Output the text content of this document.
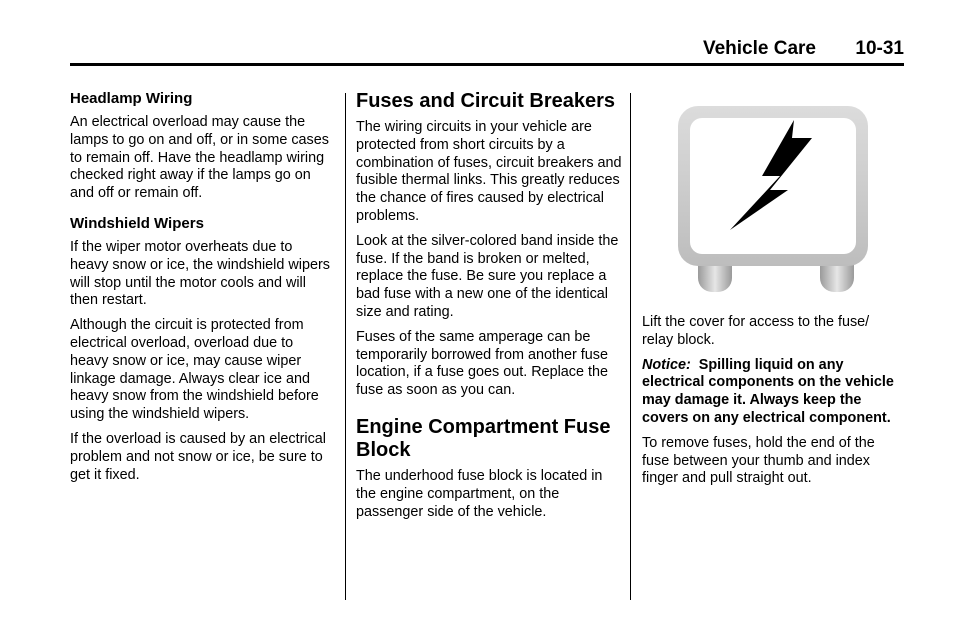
Vehicle Care 10-31
Headlamp Wiring

An electrical overload may cause the lamps to go on and off, or in some cases to remain off. Have the headlamp wiring checked right away if the lamps go on and off or remain off.

Windshield Wipers

If the wiper motor overheats due to heavy snow or ice, the windshield wipers will stop until the motor cools and will then restart.

Although the circuit is protected from electrical overload, overload due to heavy snow or ice, may cause wiper linkage damage. Always clear ice and heavy snow from the windshield before using the windshield wipers.

If the overload is caused by an electrical problem and not snow or ice, be sure to get it fixed.

Fuses and Circuit Breakers

The wiring circuits in your vehicle are protected from short circuits by a combination of fuses, circuit breakers and fusible thermal links. This greatly reduces the chance of fires caused by electrical problems.

Look at the silver-colored band inside the fuse. If the band is broken or melted, replace the fuse. Be sure you replace a bad fuse with a new one of the identical size and rating.

Fuses of the same amperage can be temporarily borrowed from another fuse location, if a fuse goes out. Replace the fuse as soon as you can.

Engine Compartment Fuse Block

The underhood fuse block is located in the engine compartment, on the passenger side of the vehicle.

Lift the cover for access to the fuse/ relay block.

Notice: Spilling liquid on any electrical components on the vehicle may damage it. Always keep the covers on any electrical component.

To remove fuses, hold the end of the fuse between your thumb and index finger and pull straight out.
